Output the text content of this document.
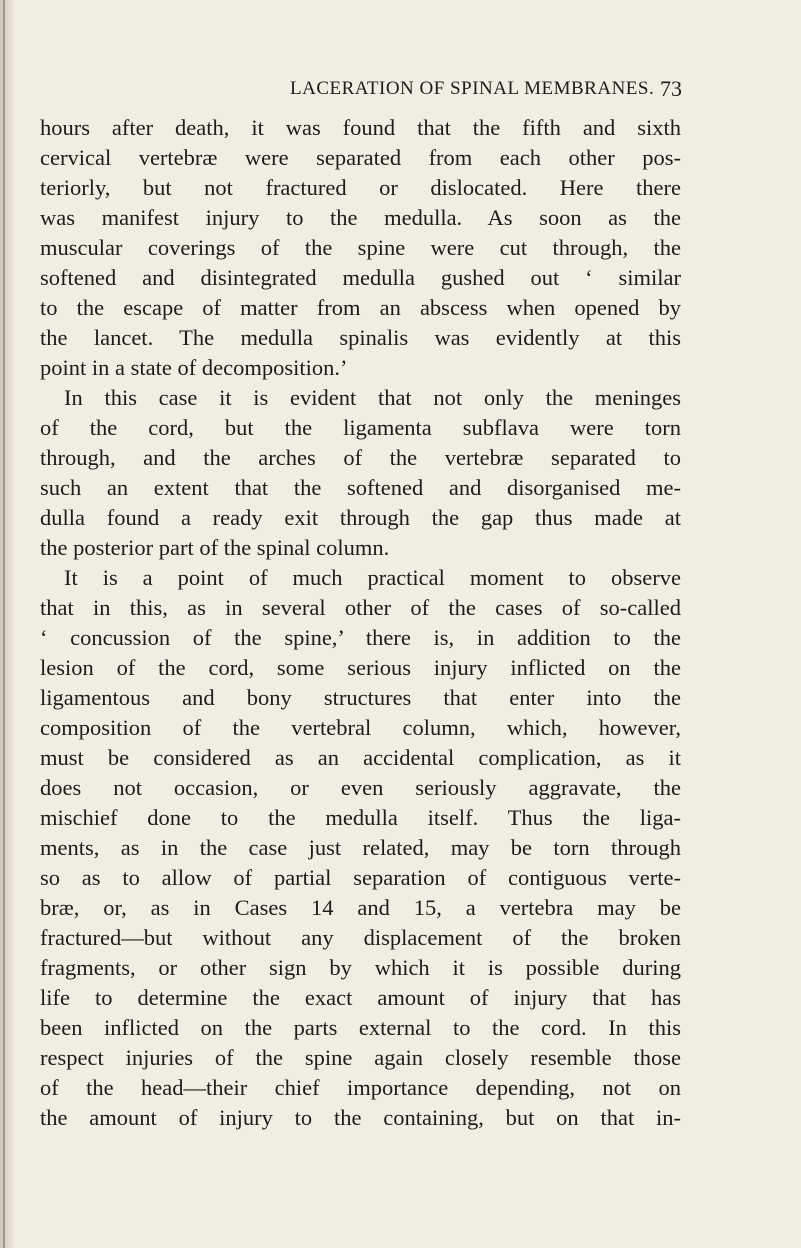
LACERATION OF SPINAL MEMBRANES. 73
hours after death, it was found that the fifth and sixth
cervical vertebræ were separated from each other pos-
teriorly, but not fractured or dislocated. Here there
was manifest injury to the medulla. As soon as the
muscular coverings of the spine were cut through, the
softened and disintegrated medulla gushed out ‘ similar
to the escape of matter from an abscess when opened by
the lancet. The medulla spinalis was evidently at this
point in a state of decomposition.’
In this case it is evident that not only the meninges
of the cord, but the ligamenta subflava were torn
through, and the arches of the vertebræ separated to
such an extent that the softened and disorganised me-
dulla found a ready exit through the gap thus made at
the posterior part of the spinal column.
It is a point of much practical moment to observe
that in this, as in several other of the cases of so-called
‘ concussion of the spine,’ there is, in addition to the
lesion of the cord, some serious injury inflicted on the
ligamentous and bony structures that enter into the
composition of the vertebral column, which, however,
must be considered as an accidental complication, as it
does not occasion, or even seriously aggravate, the
mischief done to the medulla itself. Thus the liga-
ments, as in the case just related, may be torn through
so as to allow of partial separation of contiguous verte-
bræ, or, as in Cases 14 and 15, a vertebra may be
fractured—but without any displacement of the broken
fragments, or other sign by which it is possible during
life to determine the exact amount of injury that has
been inflicted on the parts external to the cord. In this
respect injuries of the spine again closely resemble those
of the head—their chief importance depending, not on
the amount of injury to the containing, but on that in-
